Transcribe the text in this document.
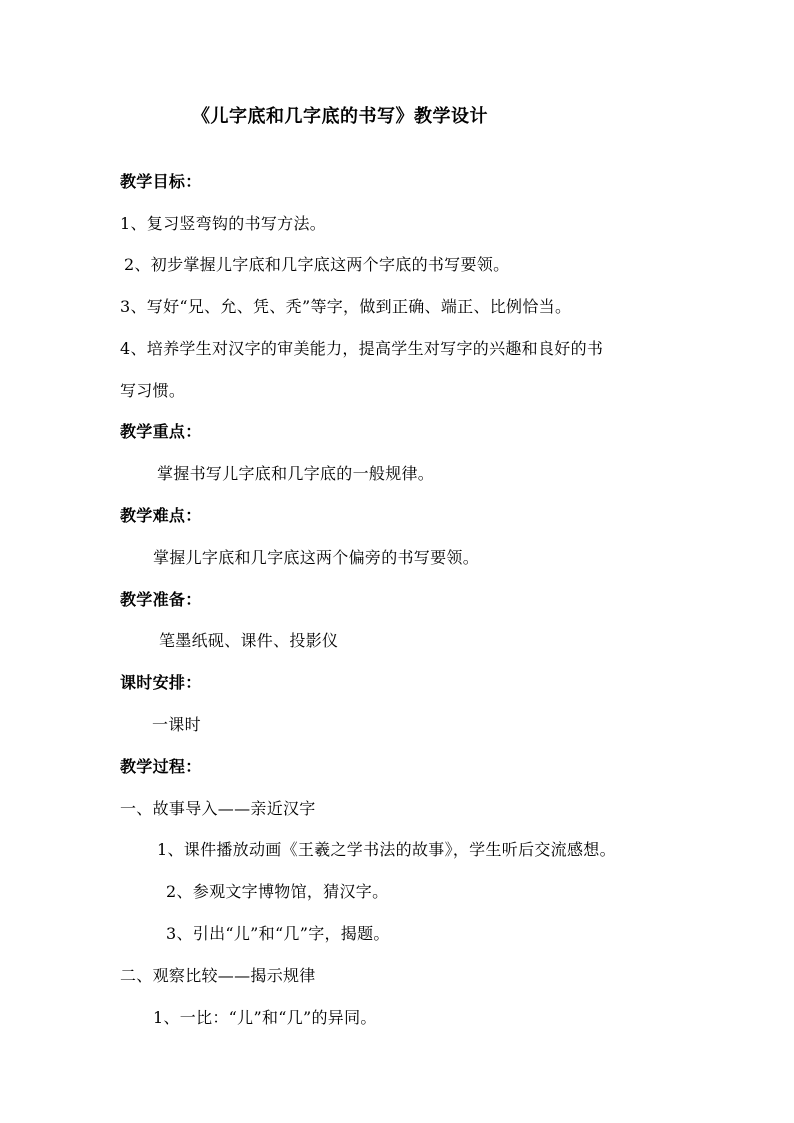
《儿字底和几字底的书写》教学设计
教学目标：
1、复习竖弯钩的书写方法。
2、初步掌握儿字底和几字底这两个字底的书写要领。
3、写好“兄、允、凭、秃”等字，做到正确、端正、比例恰当。
4、培养学生对汉字的审美能力，提高学生对写字的兴趣和良好的书
写习惯。
教学重点：
掌握书写儿字底和几字底的一般规律。
教学难点：
掌握儿字底和几字底这两个偏旁的书写要领。
教学准备：
笔墨纸砚、课件、投影仪
课时安排：
一课时
教学过程：
一、故事导入——亲近汉字
1、课件播放动画《王羲之学书法的故事》，学生听后交流感想。
2、参观文字博物馆，猜汉字。
3、引出“儿”和“几”字，揭题。
二、观察比较——揭示规律
1、一比：“儿”和“几”的异同。
